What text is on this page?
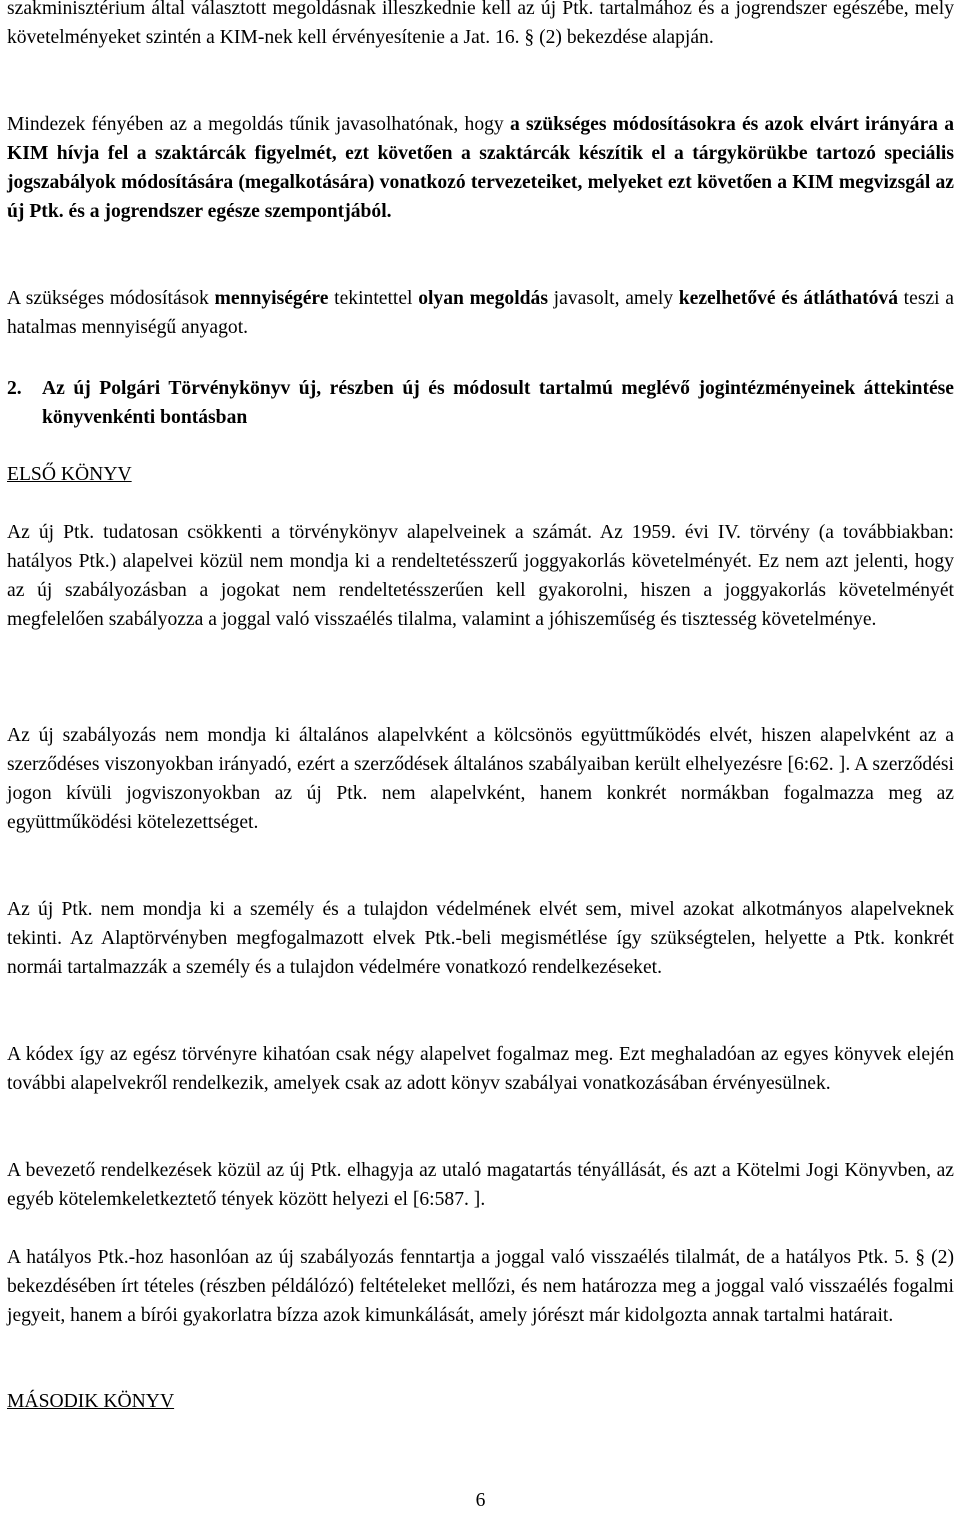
szakminisztérium által választott megoldásnak illeszkednie kell az új Ptk. tartalmához és a jogrendszer egészébe, mely követelményeket szintén a KIM-nek kell érvényesítenie a Jat. 16. § (2) bekezdése alapján.

Mindezek fényében az a megoldás tűnik javasolhatónak, hogy a szükséges módosításokra és azok elvárt irányára a KIM hívja fel a szaktárcák figyelmét, ezt követően a szaktárcák készítik el a tárgykörükbe tartozó speciális jogszabályok módosítására (megalkotására) vonatkozó tervezeteiket, melyeket ezt követően a KIM megvizsgál az új Ptk. és a jogrendszer egésze szempontjából.

A szükséges módosítások mennyiségére tekintettel olyan megoldás javasolt, amely kezelhetővé és átláthatóvá teszi a hatalmas mennyiségű anyagot.

2. Az új Polgári Törvénykönyv új, részben új és módosult tartalmú meglévő jogintézményeinek áttekintése könyvenkénti bontásban

ELSŐ KÖNYV

Az új Ptk. tudatosan csökkenti a törvénykönyv alapelveinek a számát. Az 1959. évi IV. törvény (a továbbiakban: hatályos Ptk.) alapelvei közül nem mondja ki a rendeltetésszerű joggyakorlás követelményét. Ez nem azt jelenti, hogy az új szabályozásban a jogokat nem rendeltetésszerűen kell gyakorolni, hiszen a joggyakorlás követelményét megfelelően szabályozza a joggal való visszaélés tilalma, valamint a jóhiszeműség és tisztesség követelménye.

Az új szabályozás nem mondja ki általános alapelvként a kölcsönös együttműködés elvét, hiszen alapelvként az a szerződéses viszonyokban irányadó, ezért a szerződések általános szabályaiban került elhelyezésre [6:62. ]. A szerződési jogon kívüli jogviszonyokban az új Ptk. nem alapelvként, hanem konkrét normákban fogalmazza meg az együttműködési kötelezettséget.

Az új Ptk. nem mondja ki a személy és a tulajdon védelmének elvét sem, mivel azokat alkotmányos alapelveknek tekinti. Az Alaptörvényben megfogalmazott elvek Ptk.-beli megismétlése így szükségtelen, helyette a Ptk. konkrét normái tartalmazzák a személy és a tulajdon védelmére vonatkozó rendelkezéseket.

A kódex így az egész törvényre kihatóan csak négy alapelvet fogalmaz meg. Ezt meghaladóan az egyes könyvek elején további alapelvekről rendelkezik, amelyek csak az adott könyv szabályai vonatkozásában érvényesülnek.

A bevezető rendelkezések közül az új Ptk. elhagyja az utaló magatartás tényállását, és azt a Kötelmi Jogi Könyvben, az egyéb kötelemkeletkeztető tények között helyezi el [6:587. ].

A hatályos Ptk.-hoz hasonlóan az új szabályozás fenntartja a joggal való visszaélés tilalmát, de a hatályos Ptk. 5. § (2) bekezdésében írt tételes (részben példálózó) feltételeket mellőzi, és nem határozza meg a joggal való visszaélés fogalmi jegyeit, hanem a bírói gyakorlatra bízza azok kimunkálását, amely jórészt már kidolgozta annak tartalmi határait.

MÁSODIK KÖNYV

6
